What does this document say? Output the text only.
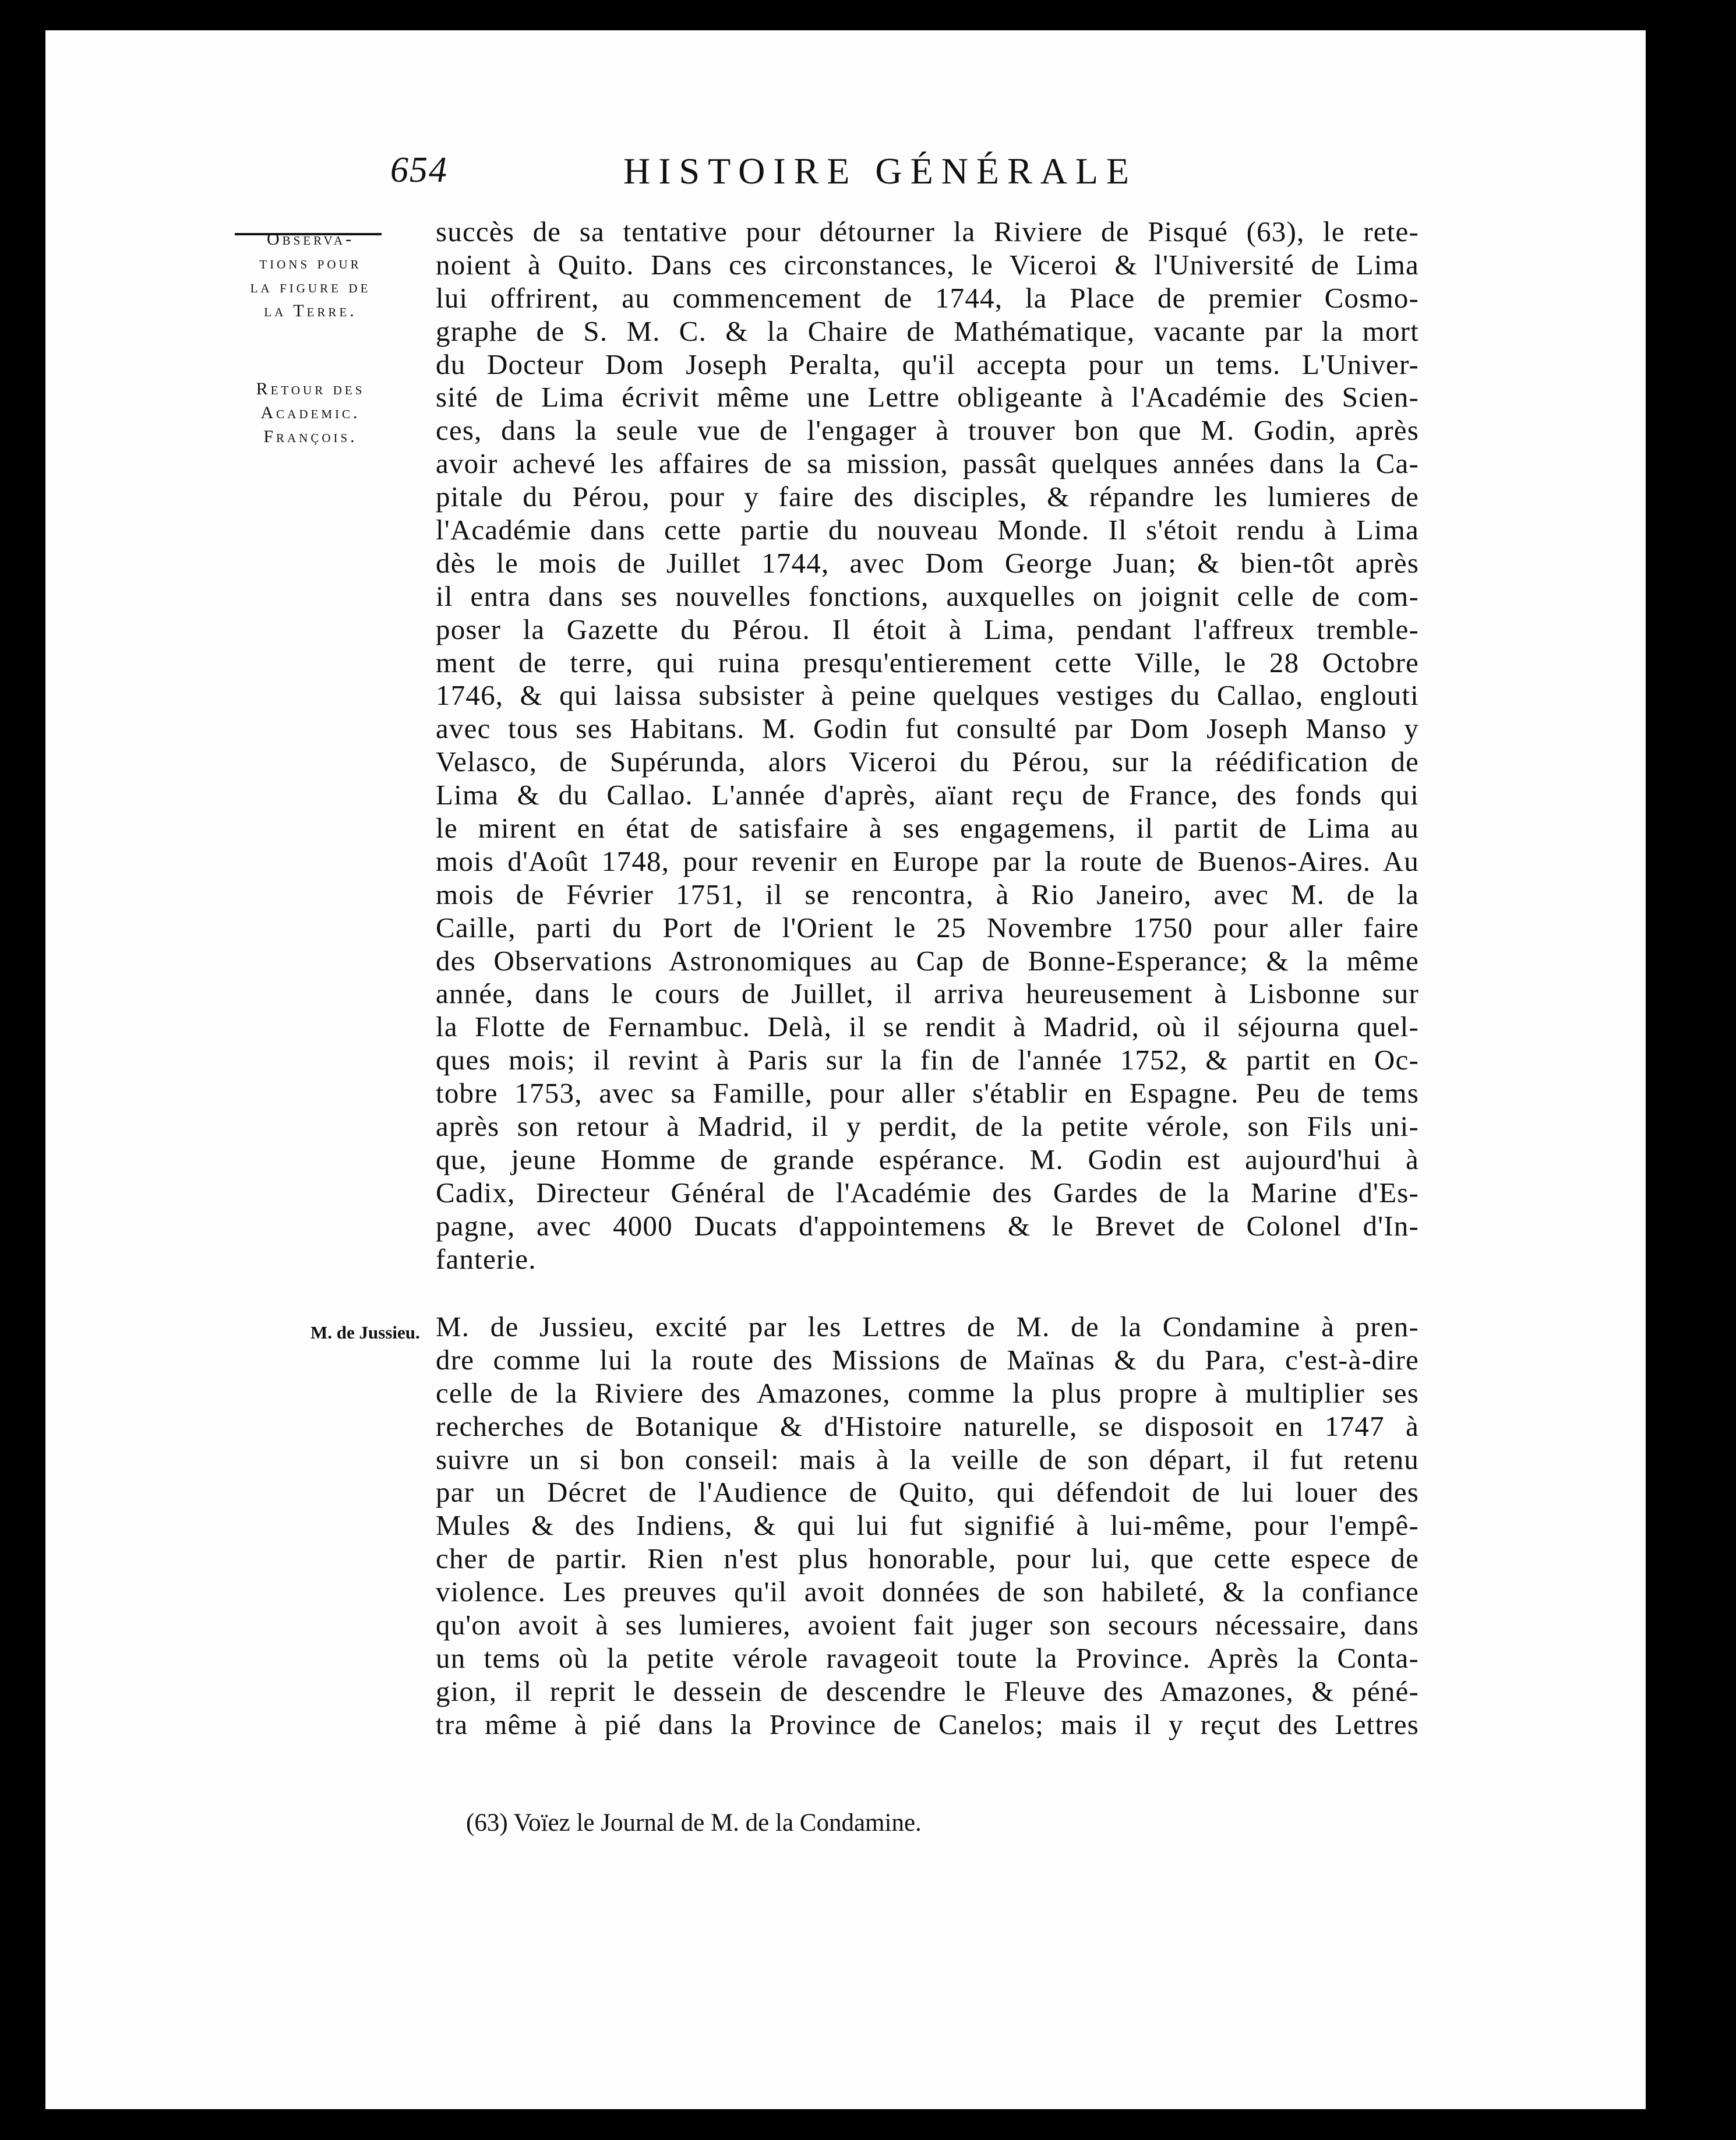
654	HISTOIRE GÉNÉRALE
Observa-
tions pour
la figure de
la Terre.
Retour des
Academic.
François.
M. de Jussieu.
succès de sa tentative pour détourner la Riviere de Pisqué (63), le rete-
noient à Quito. Dans ces circonstances, le Viceroi & l'Université de Lima
lui offrirent, au commencement de 1744, la Place de premier Cosmo-
graphe de S. M. C. & la Chaire de Mathématique, vacante par la mort
du Docteur Dom Joseph Peralta, qu'il accepta pour un tems. L'Univer-
sité de Lima écrivit même une Lettre obligeante à l'Académie des Scien-
ces, dans la seule vue de l'engager à trouver bon que M. Godin, après
avoir achevé les affaires de sa mission, passât quelques années dans la Ca-
pitale du Pérou, pour y faire des disciples, & répandre les lumieres de
l'Académie dans cette partie du nouveau Monde. Il s'étoit rendu à Lima
dès le mois de Juillet 1744, avec Dom George Juan; & bien-tôt après
il entra dans ses nouvelles fonctions, auxquelles on joignit celle de com-
poser la Gazette du Pérou. Il étoit à Lima, pendant l'affreux tremble-
ment de terre, qui ruina presqu'entierement cette Ville, le 28 Octobre
1746, & qui laissa subsister à peine quelques vestiges du Callao, englouti
avec tous ses Habitans. M. Godin fut consulté par Dom Joseph Manso y
Velasco, de Supérunda, alors Viceroi du Pérou, sur la réédification de
Lima & du Callao. L'année d'après, aïant reçu de France, des fonds qui
le mirent en état de satisfaire à ses engagemens, il partit de Lima au
mois d'Août 1748, pour revenir en Europe par la route de Buenos-Aires. Au
mois de Février 1751, il se rencontra, à Rio Janeiro, avec M. de la
Caille, parti du Port de l'Orient le 25 Novembre 1750 pour aller faire
des Observations Astronomiques au Cap de Bonne-Esperance; & la même
année, dans le cours de Juillet, il arriva heureusement à Lisbonne sur
la Flotte de Fernambuc. Delà, il se rendit à Madrid, où il séjourna quel-
ques mois; il revint à Paris sur la fin de l'année 1752, & partit en Oc-
tobre 1753, avec sa Famille, pour aller s'établir en Espagne. Peu de tems
après son retour à Madrid, il y perdit, de la petite vérole, son Fils uni-
que, jeune Homme de grande espérance. M. Godin est aujourd'hui à
Cadix, Directeur Général de l'Académie des Gardes de la Marine d'Es-
pagne, avec 4000 Ducats d'appointemens & le Brevet de Colonel d'In-
fanterie.
M. de Jussieu, excité par les Lettres de M. de la Condamine à pren-
dre comme lui la route des Missions de Maïnas & du Para, c'est-à-dire
celle de la Riviere des Amazones, comme la plus propre à multiplier ses
recherches de Botanique & d'Histoire naturelle, se disposoit en 1747 à
suivre un si bon conseil: mais à la veille de son départ, il fut retenu
par un Décret de l'Audience de Quito, qui défendoit de lui louer des
Mules & des Indiens, & qui lui fut signifié à lui-même, pour l'empê-
cher de partir. Rien n'est plus honorable, pour lui, que cette espece de
violence. Les preuves qu'il avoit données de son habileté, & la confiance
qu'on avoit à ses lumieres, avoient fait juger son secours nécessaire, dans
un tems où la petite vérole ravageoit toute la Province. Après la Conta-
gion, il reprit le dessein de descendre le Fleuve des Amazones, & péné-
tra même à pié dans la Province de Canelos; mais il y reçut des Lettres
(63) Voïez le Journal de M. de la Condamine.
